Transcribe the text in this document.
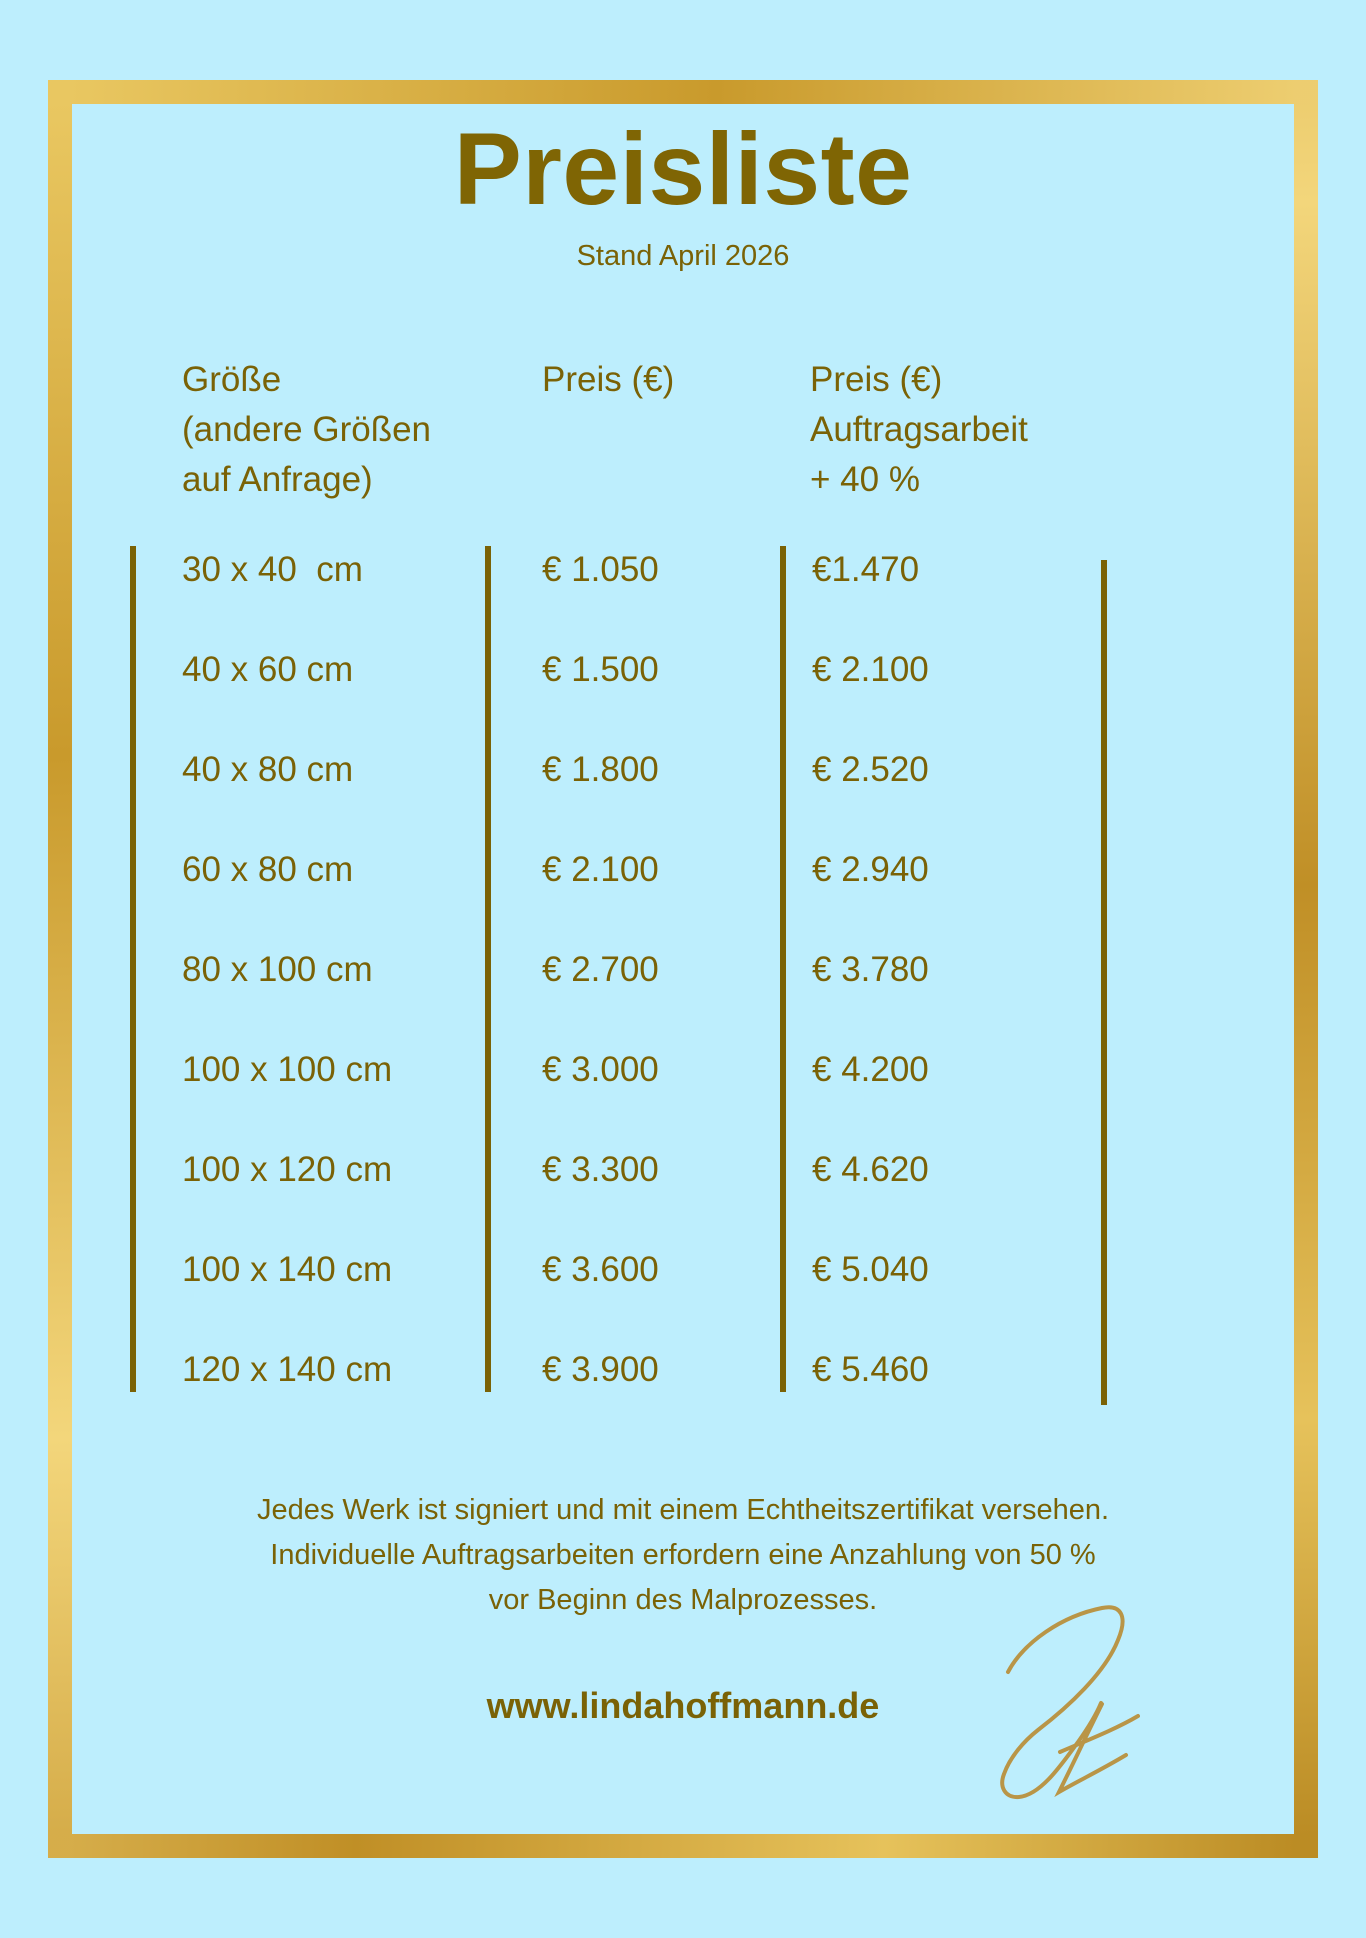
Preisliste
Stand April 2026
Größe
(andere Größen
auf Anfrage)
Preis (€)	Preis (€)
Auftragsarbeit
+ 40 %
30 x 40  cm	€ 1.050	€1.470
40 x 60 cm	€ 1.500	€ 2.100
40 x 80 cm	€ 1.800	€ 2.520
60 x 80 cm	€ 2.100	€ 2.940
80 x 100 cm	€ 2.700	€ 3.780
100 x 100 cm	€ 3.000	€ 4.200
100 x 120 cm	€ 3.300	€ 4.620
100 x 140 cm	€ 3.600	€ 5.040
120 x 140 cm	€ 3.900	€ 5.460
Jedes Werk ist signiert und mit einem Echtheitszertifikat versehen.
Individuelle Auftragsarbeiten erfordern eine Anzahlung von 50 %
vor Beginn des Malprozesses.
www.lindahoffmann.de
